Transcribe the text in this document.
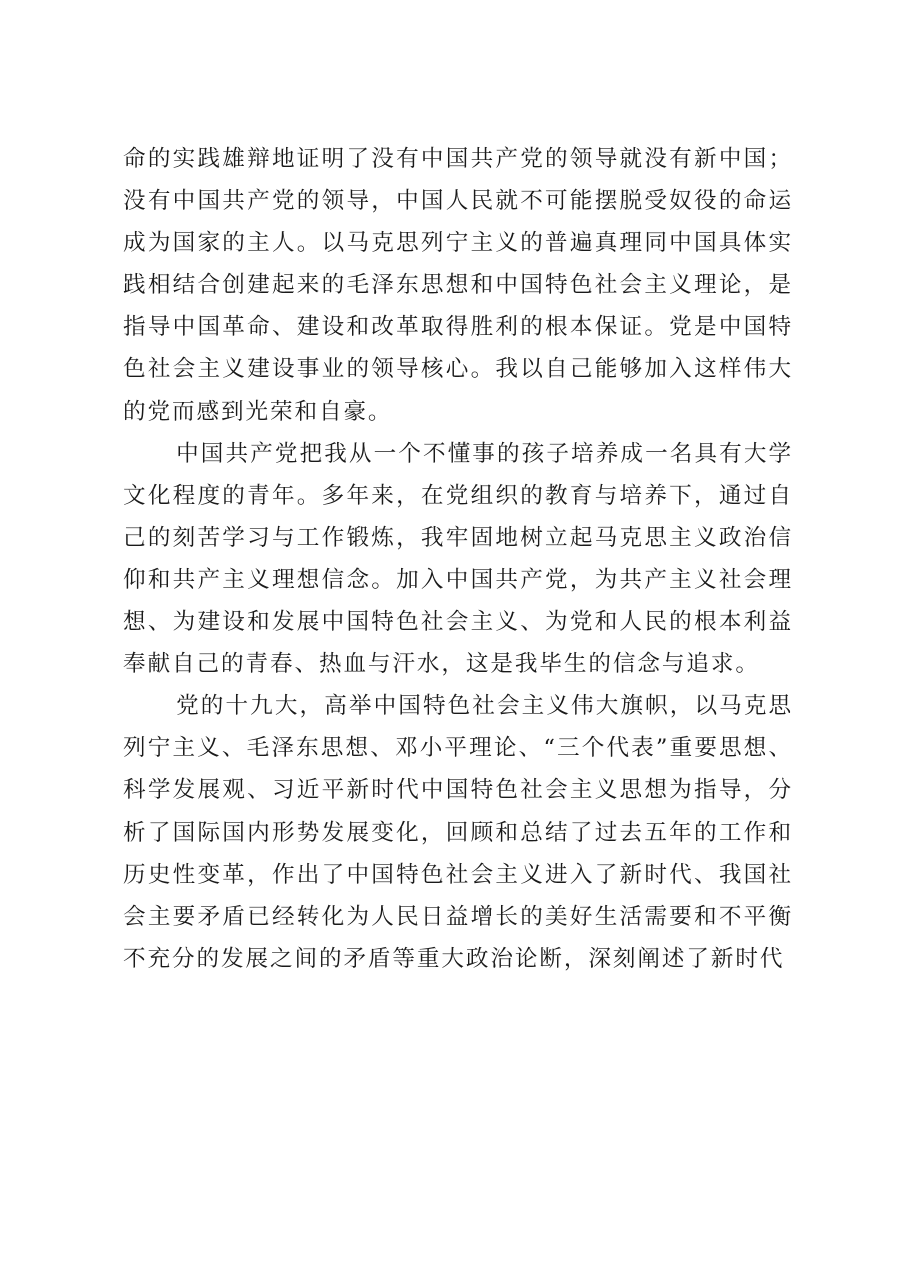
命的实践雄辩地证明了没有中国共产党的领导就没有新中国；没有中国共产党的领导，中国人民就不可能摆脱受奴役的命运成为国家的主人。以马克思列宁主义的普遍真理同中国具体实践相结合创建起来的毛泽东思想和中国特色社会主义理论，是指导中国革命、建设和改革取得胜利的根本保证。党是中国特色社会主义建设事业的领导核心。我以自己能够加入这样伟大的党而感到光荣和自豪。

中国共产党把我从一个不懂事的孩子培养成一名具有大学文化程度的青年。多年来，在党组织的教育与培养下，通过自己的刻苦学习与工作锻炼，我牢固地树立起马克思主义政治信仰和共产主义理想信念。加入中国共产党，为共产主义社会理想、为建设和发展中国特色社会主义、为党和人民的根本利益奉献自己的青春、热血与汗水，这是我毕生的信念与追求。

党的十九大，高举中国特色社会主义伟大旗帜，以马克思列宁主义、毛泽东思想、邓小平理论、“三个代表”重要思想、科学发展观、习近平新时代中国特色社会主义思想为指导，分析了国际国内形势发展变化，回顾和总结了过去五年的工作和历史性变革，作出了中国特色社会主义进入了新时代、我国社会主要矛盾已经转化为人民日益增长的美好生活需要和不平衡不充分的发展之间的矛盾等重大政治论断，深刻阐述了新时代
